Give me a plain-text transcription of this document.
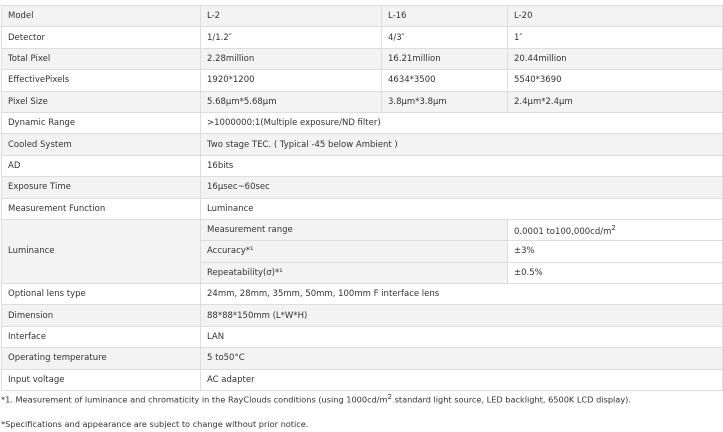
Model	L-2	L-16	L-20
Detector	1/1.2″	4/3″	1″
Total Pixel	2.28million	16.21million	20.44million
EffectivePixels	1920*1200	4634*3500	5540*3690
Pixel Size	5.68μm*5.68μm	3.8μm*3.8μm	2.4μm*2.4μm
Dynamic Range	>1000000:1(Multiple exposure/ND filter)		
Cooled System	Two stage TEC. ( Typical -45 below Ambient )		
AD	16bits		
Exposure Time	16μsec~60sec		
Measurement Function	Luminance		
Luminance	Measurement range		0.0001 $to100,000cd/m^2$
	Accuracy*¹		±3%
	Repeatability(σ)*¹		±0.5%
Optional lens type	24mm, 28mm, 35mm, 50mm, 100mm F interface lens		
Dimension	88*88*150mm (L*W*H)		
Interface	LAN		
Operating temperature	5 to50°C		
Input voltage	AC adapter		
*1. Measurement of luminance and chromaticity in the RayClouds conditions (using $1000cd/m^2$ standard light source, LED backlight, 6500K LCD display).
*Specifications and appearance are subject to change without prior notice.
